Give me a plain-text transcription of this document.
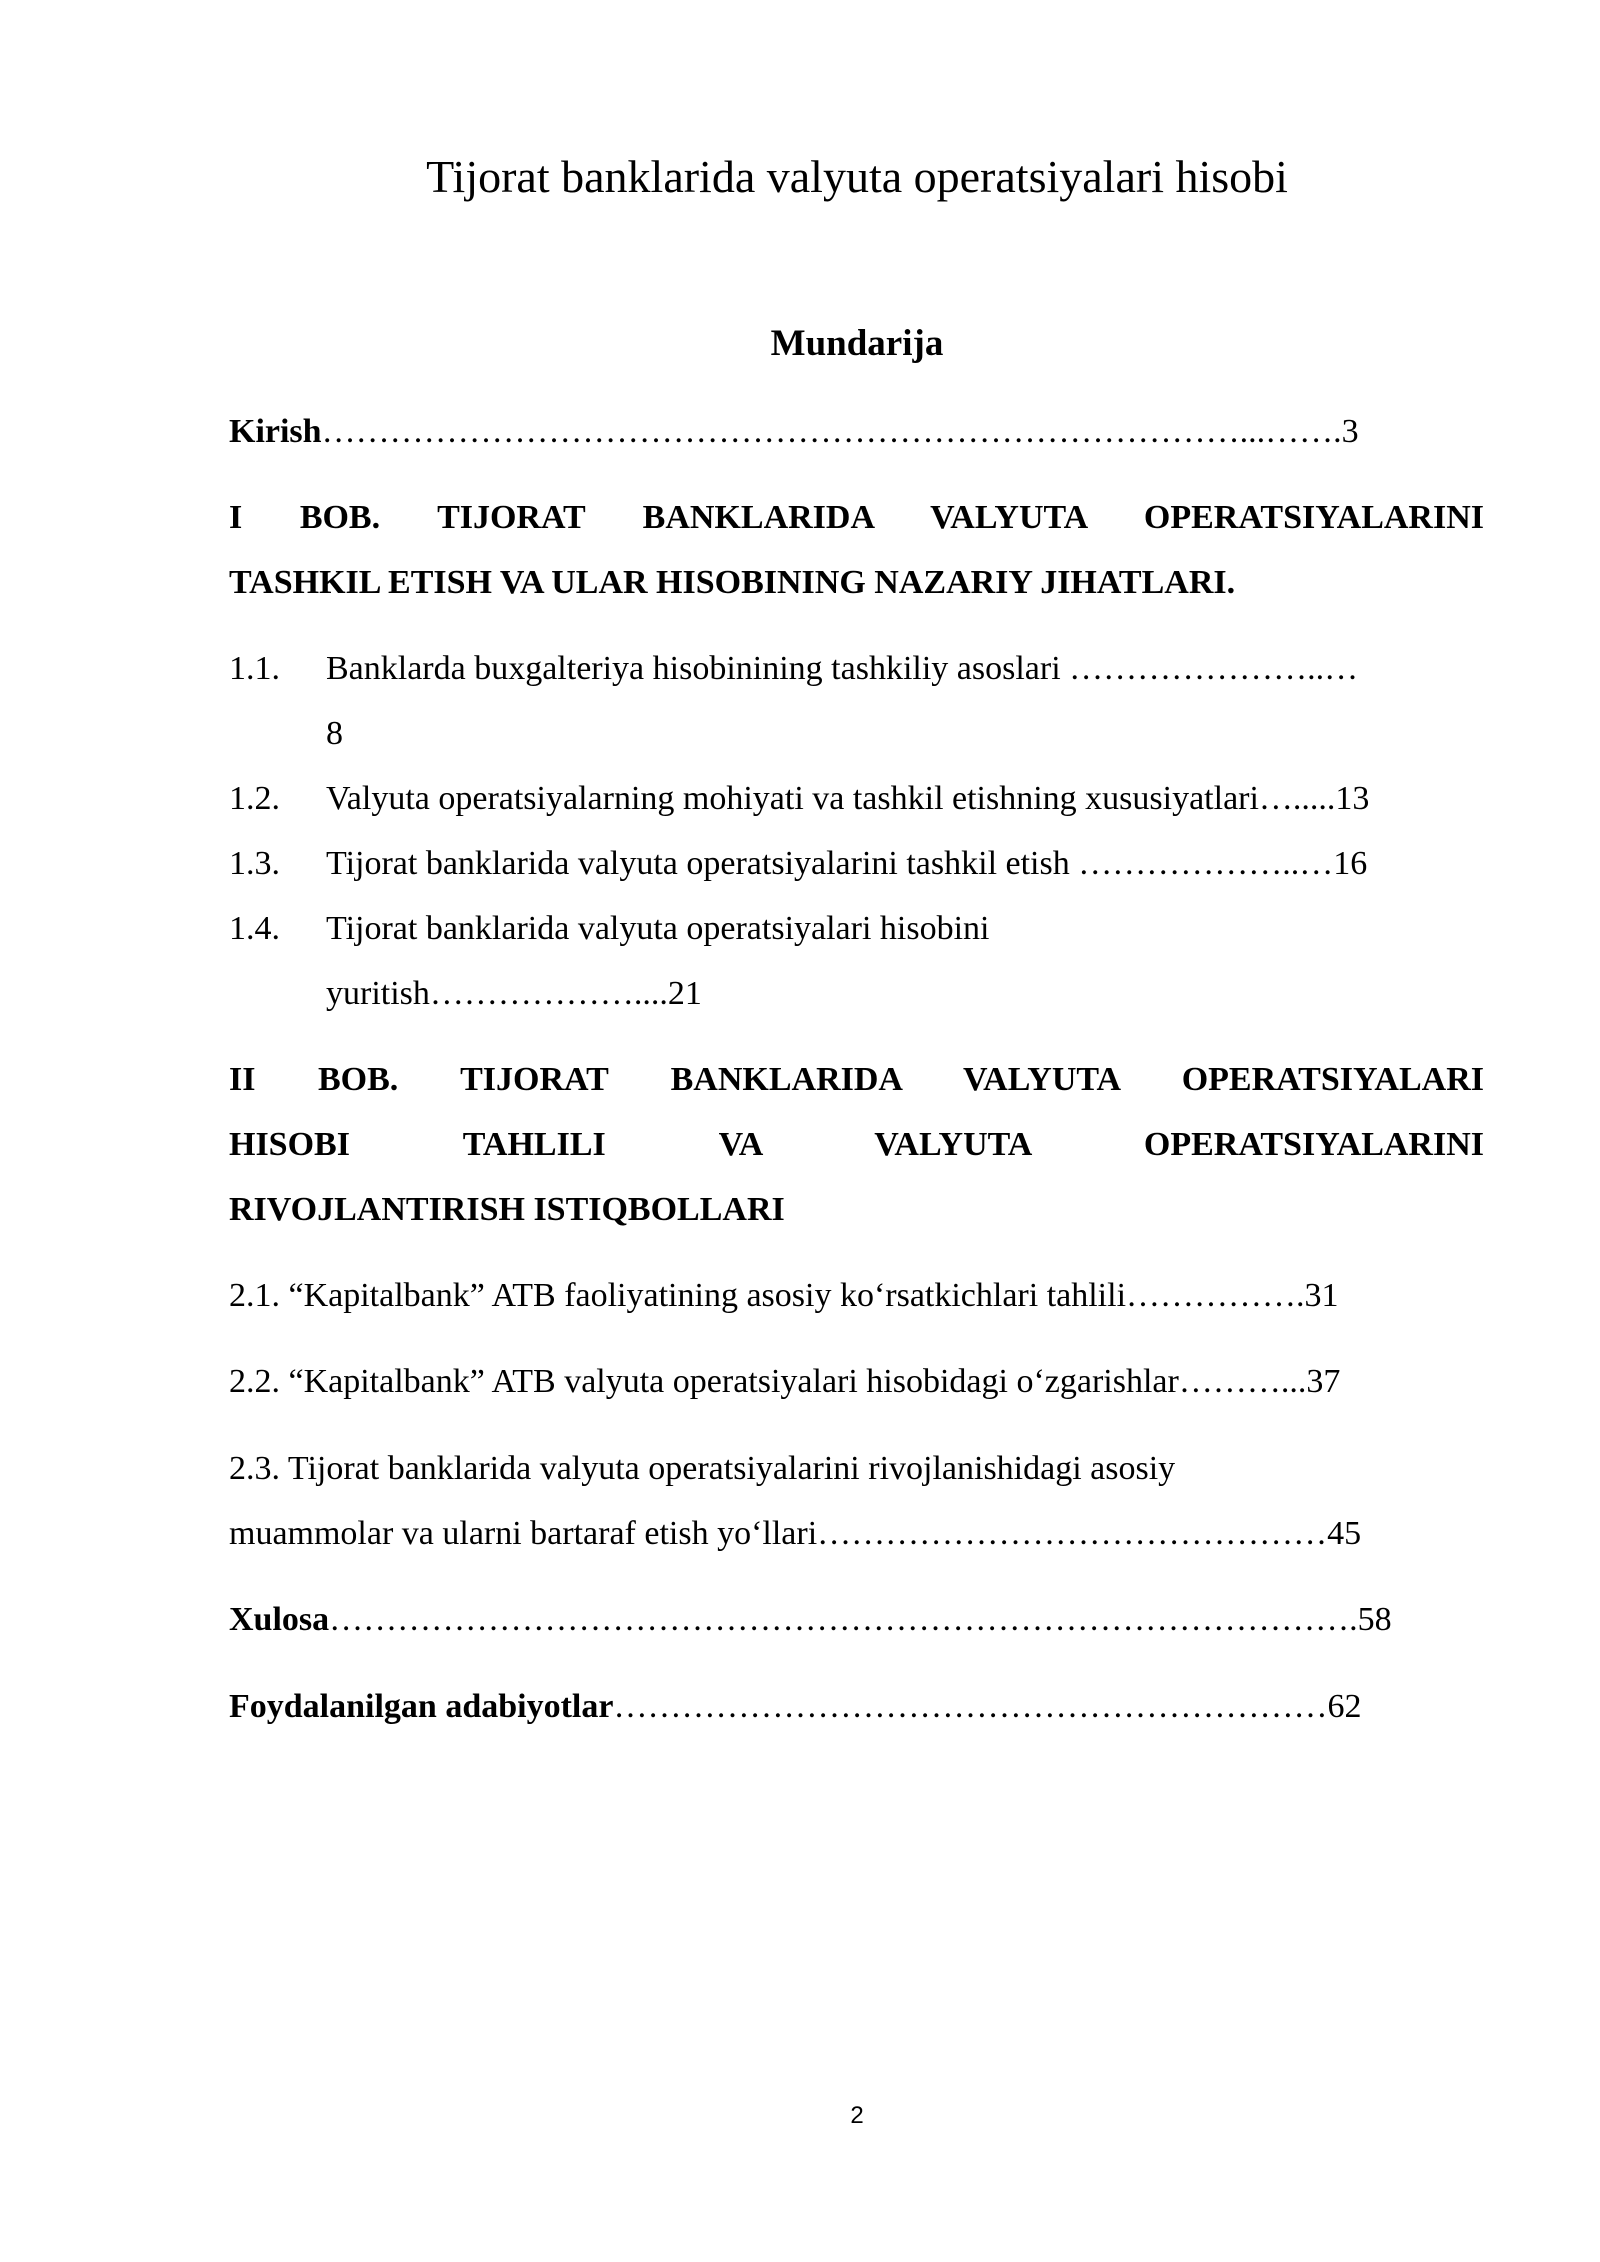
Tijorat banklarida valyuta operatsiyalari hisobi
Mundarija
Kirish………………………………………………………………………...…….3
I BOB. TIJORAT BANKLARIDA VALYUTA OPERATSIYALARINI
TASHKIL ETISH VA ULAR HISOBINING NAZARIY JIHATLARI.
1.1. Banklarda buxgalteriya hisobinining tashkiliy asoslari …………………..…
8
1.2. Valyuta operatsiyalarning mohiyati va tashkil etishning xususiyatlari….....13
1.3. Tijorat banklarida valyuta operatsiyalarini tashkil etish ………………..…16
1.4. Tijorat banklarida valyuta operatsiyalari hisobini
yuritish………………....21
II BOB. TIJORAT BANKLARIDA VALYUTA OPERATSIYALARI
HISOBI TAHLILI VA VALYUTA OPERATSIYALARINI
RIVOJLANTIRISH ISTIQBOLLARI
2.1. “Kapitalbank” ATB faoliyatining asosiy ko‘rsatkichlari tahlili…………….31
2.2. “Kapitalbank” ATB valyuta operatsiyalari hisobidagi o‘zgarishlar………...37
2.3. Tijorat banklarida valyuta operatsiyalarini rivojlanishidagi asosiy
muammolar va ularni bartaraf etish yo‘llari………………………………………45
Xulosa……………………………………………………………………………….58
Foydalanilgan adabiyotlar………………………………………………………62
2
